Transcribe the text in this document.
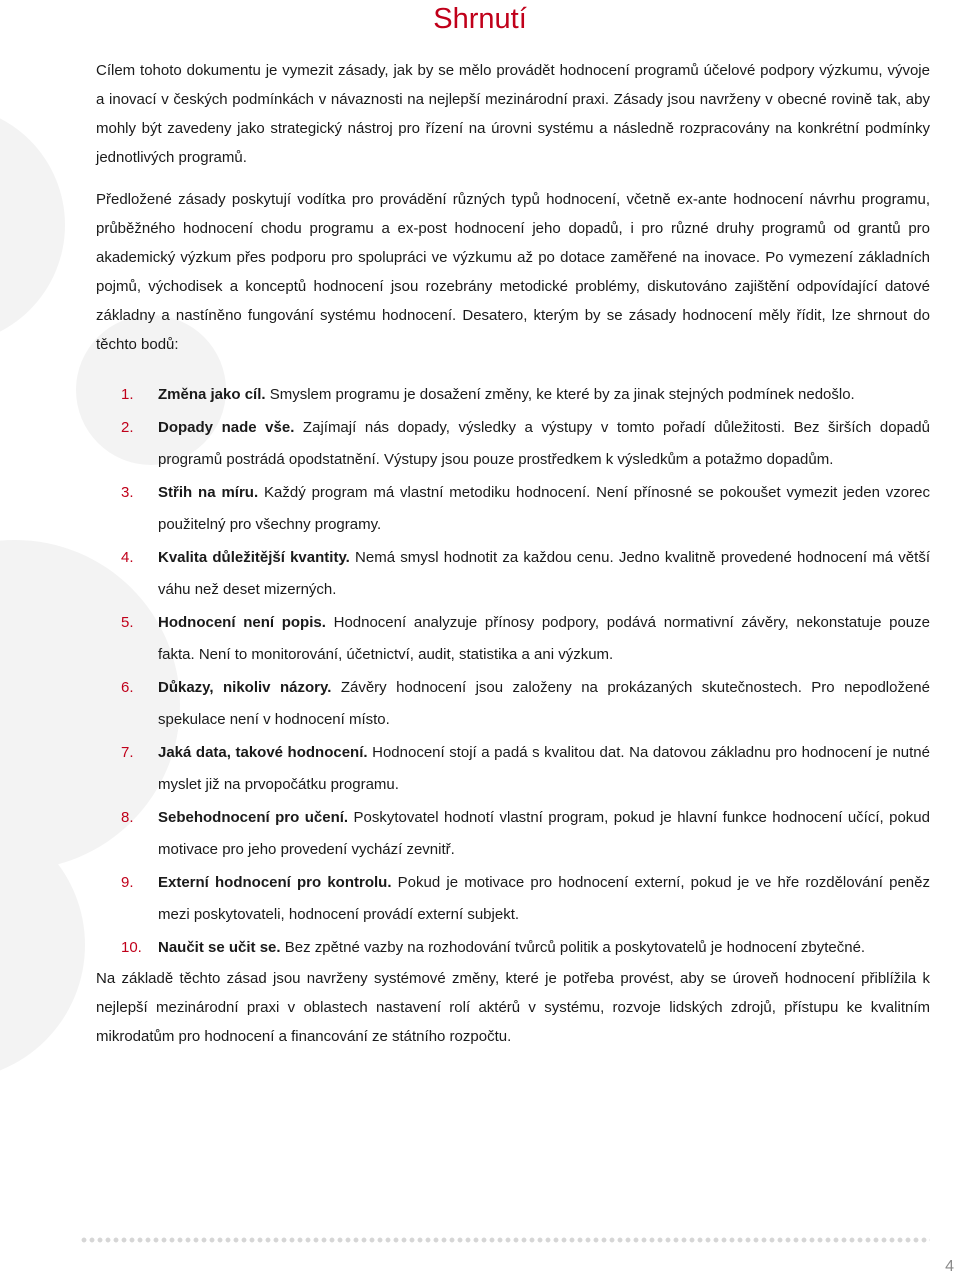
Shrnutí

Cílem tohoto dokumentu je vymezit zásady, jak by se mělo provádět hodnocení programů účelové podpory výzkumu, vývoje a inovací v českých podmínkách v návaznosti na nejlepší mezinárodní praxi. Zásady jsou navrženy v obecné rovině tak, aby mohly být zavedeny jako strategický nástroj pro řízení na úrovni systému a následně rozpracovány na konkrétní podmínky jednotlivých programů.

Předložené zásady poskytují vodítka pro provádění různých typů hodnocení, včetně ex-ante hodnocení návrhu programu, průběžného hodnocení chodu programu a ex-post hodnocení jeho dopadů, i pro různé druhy programů od grantů pro akademický výzkum přes podporu pro spolupráci ve výzkumu až po dotace zaměřené na inovace. Po vymezení základních pojmů, východisek a konceptů hodnocení jsou rozebrány metodické problémy, diskutováno zajištění odpovídající datové základny a nastíněno fungování systému hodnocení. Desatero, kterým by se zásady hodnocení měly řídit, lze shrnout do těchto bodů:

1. Změna jako cíl. Smyslem programu je dosažení změny, ke které by za jinak stejných podmínek nedošlo.
2. Dopady nade vše. Zajímají nás dopady, výsledky a výstupy v tomto pořadí důležitosti. Bez širších dopadů programů postrádá opodstatnění. Výstupy jsou pouze prostředkem k výsledkům a potažmo dopadům.
3. Střih na míru. Každý program má vlastní metodiku hodnocení. Není přínosné se pokoušet vymezit jeden vzorec použitelný pro všechny programy.
4. Kvalita důležitější kvantity. Nemá smysl hodnotit za každou cenu. Jedno kvalitně provedené hodnocení má větší váhu než deset mizerných.
5. Hodnocení není popis. Hodnocení analyzuje přínosy podpory, podává normativní závěry, nekonstatuje pouze fakta. Není to monitorování, účetnictví, audit, statistika a ani výzkum.
6. Důkazy, nikoliv názory. Závěry hodnocení jsou založeny na prokázaných skutečnostech. Pro nepodložené spekulace není v hodnocení místo.
7. Jaká data, takové hodnocení. Hodnocení stojí a padá s kvalitou dat. Na datovou základnu pro hodnocení je nutné myslet již na prvopočátku programu.
8. Sebehodnocení pro učení. Poskytovatel hodnotí vlastní program, pokud je hlavní funkce hodnocení učící, pokud motivace pro jeho provedení vychází zevnitř.
9. Externí hodnocení pro kontrolu. Pokud je motivace pro hodnocení externí, pokud je ve hře rozdělování peněz mezi poskytovateli, hodnocení provádí externí subjekt.
10. Naučit se učit se. Bez zpětné vazby na rozhodování tvůrců politik a poskytovatelů je hodnocení zbytečné.

Na základě těchto zásad jsou navrženy systémové změny, které je potřeba provést, aby se úroveň hodnocení přiblížila k nejlepší mezinárodní praxi v oblastech nastavení rolí aktérů v systému, rozvoje lidských zdrojů, přístupu ke kvalitním mikrodatům pro hodnocení a financování ze státního rozpočtu.

4
